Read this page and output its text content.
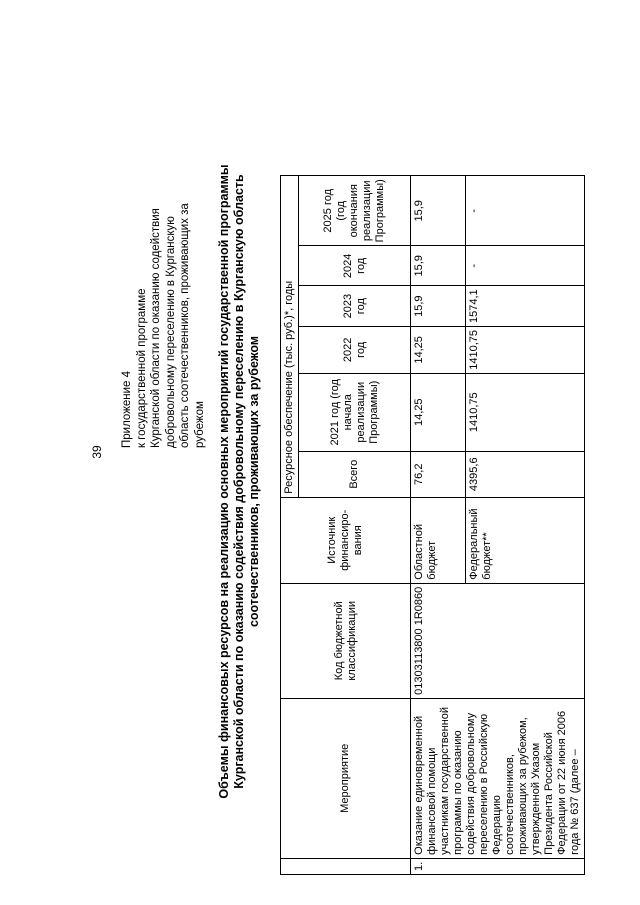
39
Приложение 4 к государственной программе Курганской области по оказанию содействия добровольному переселению в Курганскую область соотечественников, проживающих за рубежом Объемы финансовых ресурсов на реализацию основных мероприятий государственной программы Курганской области по оказанию содействия добровольному переселению в Курганскую область соотечественников, проживающих за рубежом
	Мероприятие	Код бюджетной классификации	Источник финансиро-вания	Ресурсное обеспечение (тыс. руб.)*, годы					
				Всего	2021 год (год начала реализации Программы)	2022 год	2023 год	2024 год	2025 год (год окончания реализации Программы)
1.	Оказание единовременной финансовой помощи участникам государственной программы по оказанию содействия добровольному переселению в Российскую Федерацию соотечественников, проживающих за рубежом, утвержденной Указом Президента Российской Федерации от 22 июня 2006 года № 637 (далее –	01303113800 1R0860	Областной бюджет	76,2	14,25	14,25	15,9	15,9	15,9
			Федеральный бюджет**	4395,6	1410,75	1410,75	1574,1	-	-
